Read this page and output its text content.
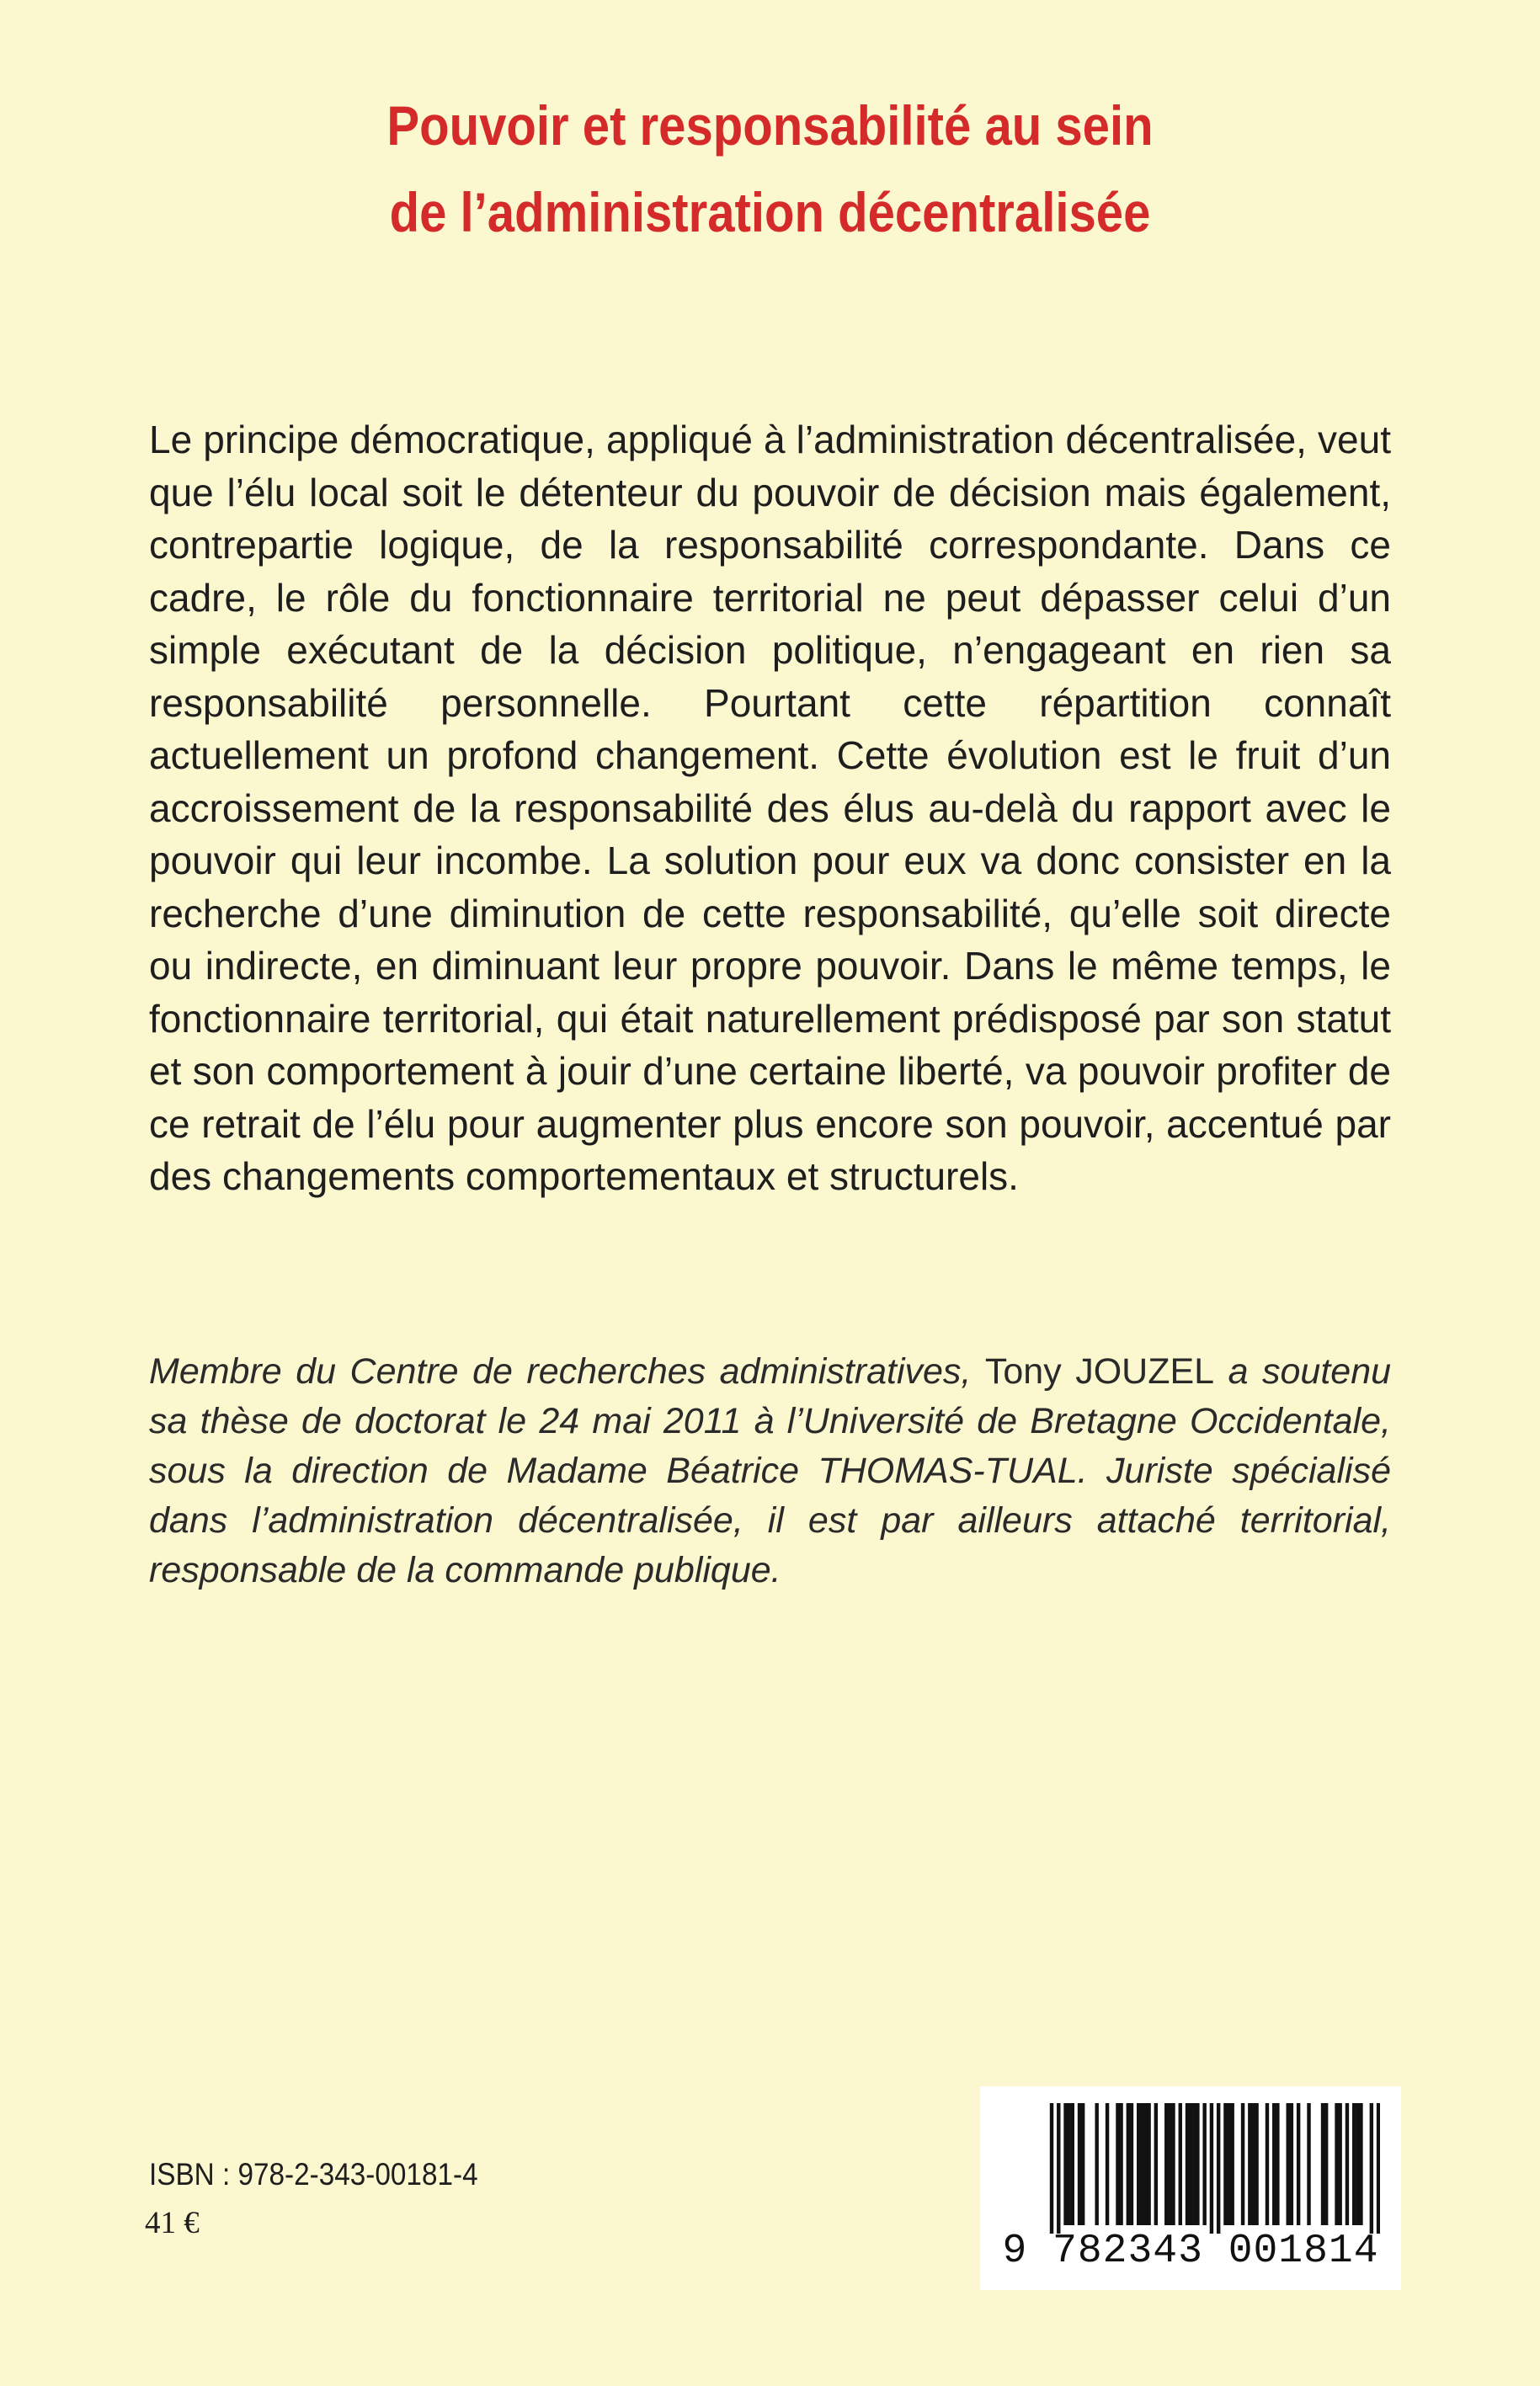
Pouvoir et responsabilité au sein
de l’administration décentralisée

Le principe démocratique, appliqué à l’administration décentralisée, veut que l’élu local soit le détenteur du pouvoir de décision mais également, contrepartie logique, de la responsabilité correspondante. Dans ce cadre, le rôle du fonctionnaire territorial ne peut dépasser celui d’un simple exécutant de la décision politique, n’engageant en rien sa responsabilité personnelle. Pourtant cette répartition connaît actuellement un profond changement. Cette évolution est le fruit d’un accroissement de la responsabilité des élus au-delà du rapport avec le pouvoir qui leur incombe. La solution pour eux va donc consister en la recherche d’une diminution de cette responsabilité, qu’elle soit directe ou indirecte, en diminuant leur propre pouvoir. Dans le même temps, le fonctionnaire territorial, qui était naturellement prédisposé par son statut et son comportement à jouir d’une certaine liberté, va pouvoir profiter de ce retrait de l’élu pour augmenter plus encore son pouvoir, accentué par des changements comportementaux et structurels.

Membre du Centre de recherches administratives, Tony JOUZEL a soutenu sa thèse de doctorat le 24 mai 2011 à l’Université de Bretagne Occidentale, sous la direction de Madame Béatrice THOMAS-TUAL. Juriste spécialisé dans l’administration décentralisée, il est par ailleurs attaché territorial, responsable de la commande publique.

ISBN : 978-2-343-00181-4
41 €
9 782343 001814
